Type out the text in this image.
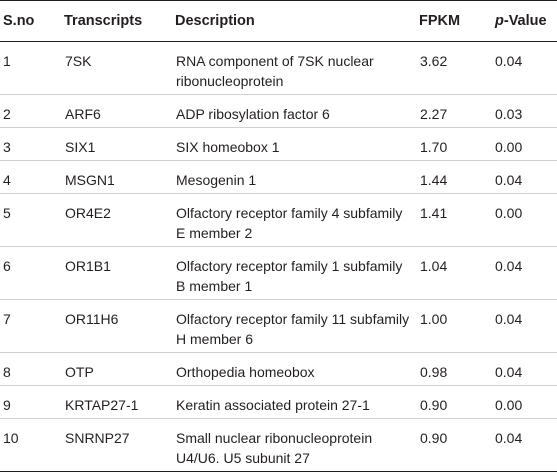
S.no	Transcripts	Description	FPKM	p-Value
1	7SK	RNA component of 7SK nuclear ribonucleoprotein	3.62	0.04
2	ARF6	ADP ribosylation factor 6	2.27	0.03
3	SIX1	SIX homeobox 1	1.70	0.00
4	MSGN1	Mesogenin 1	1.44	0.04
5	OR4E2	Olfactory receptor family 4 subfamily E member 2	1.41	0.00
6	OR1B1	Olfactory receptor family 1 subfamily B member 1	1.04	0.04
7	OR11H6	Olfactory receptor family 11 subfamily H member 6	1.00	0.04
8	OTP	Orthopedia homeobox	0.98	0.04
9	KRTAP27-1	Keratin associated protein 27-1	0.90	0.00
10	SNRNP27	Small nuclear ribonucleoprotein U4/U6. U5 subunit 27	0.90	0.04
